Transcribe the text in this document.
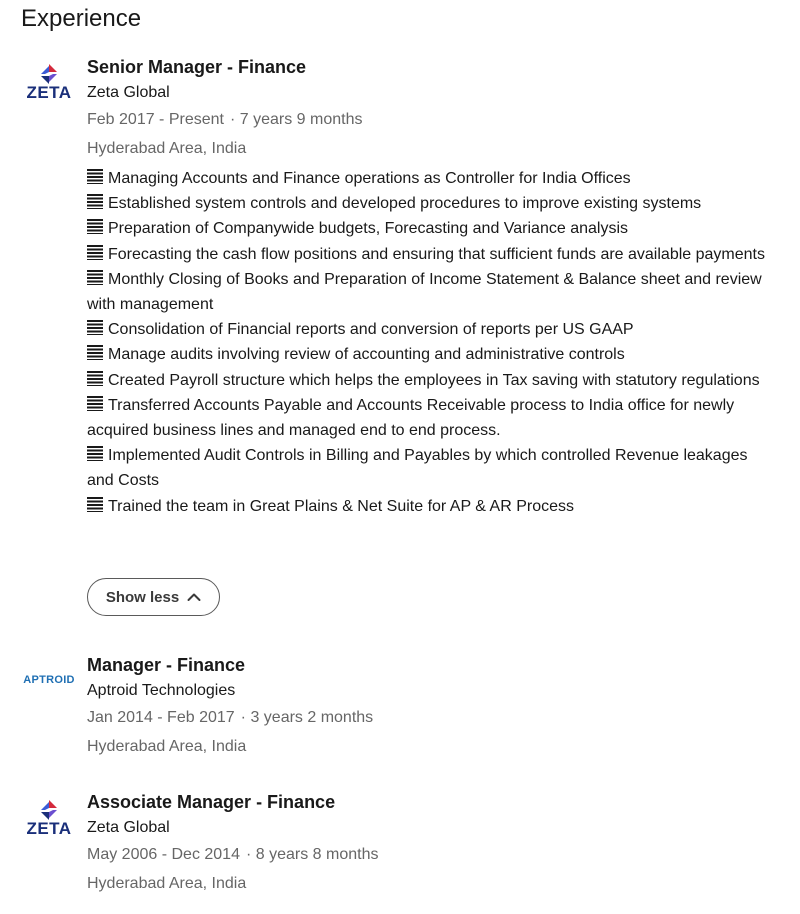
Experience
ZETA
Senior Manager - Finance
Zeta Global
Feb 2017 - Present · 7 years 9 months
Hyderabad Area, India
Managing Accounts and Finance operations as Controller for India Offices
Established system controls and developed procedures to improve existing systems
Preparation of Companywide budgets, Forecasting and Variance analysis
Forecasting the cash flow positions and ensuring that sufficient funds are available payments
Monthly Closing of Books and Preparation of Income Statement & Balance sheet and review with management
Consolidation of Financial reports and conversion of reports per US GAAP
Manage audits involving review of accounting and administrative controls
Created Payroll structure which helps the employees in Tax saving with statutory regulations
Transferred Accounts Payable and Accounts Receivable process to India office for newly acquired business lines and managed end to end process.
Implemented Audit Controls in Billing and Payables by which controlled Revenue leakages and Costs
Trained the team in Great Plains & Net Suite for AP & AR Process
Show less
APTROID

Manager - Finance
Aptroid Technologies
Jan 2014 - Feb 2017 · 3 years 2 months
Hyderabad Area, India
ZETA
Associate Manager - Finance
Zeta Global
May 2006 - Dec 2014 · 8 years 8 months
Hyderabad Area, India
